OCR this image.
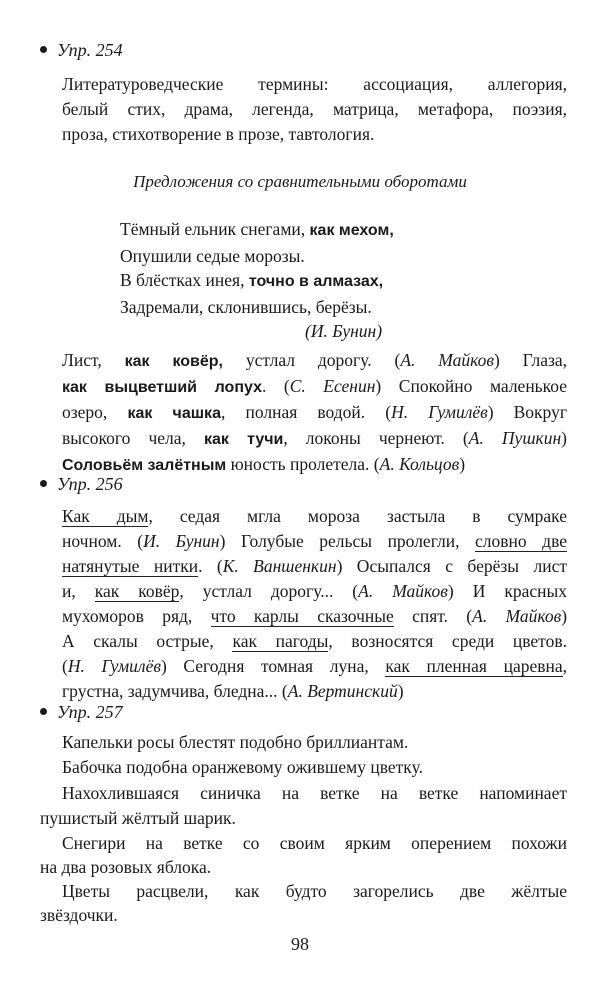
Упр. 254
Литературоведческие термины: ассоциация, аллегория,
белый стих, драма, легенда, матрица, метафора, поэзия,
проза, стихотворение в прозе, тавтология.
Предложения со сравнительными оборотами
Тёмный ельник снегами, как мехом,
Опушили седые морозы.
В блёстках инея, точно в алмазах,
Задремали, склонившись, берёзы.
(И. Бунин)
Лист, как ковёр, устлал дорогу. (А. Майков) Глаза,
как выцветший лопух. (С. Есенин) Спокойно маленькое
озеро, как чашка, полная водой. (Н. Гумилёв) Вокруг
высокого чела, как тучи, локоны чернеют. (А. Пушкин)
Соловьём залётным юность пролетела. (А. Кольцов)
Упр. 256
Как дым, седая мгла мороза застыла в сумраке
ночном. (И. Бунин) Голубые рельсы пролегли, словно две
натянутые нитки. (К. Ваншенкин) Осыпался с берёзы лист
и, как ковёр, устлал дорогу... (А. Майков) И красных
мухоморов ряд, что карлы сказочные спят. (А. Майков)
А скалы острые, как пагоды, возносятся среди цветов.
(Н. Гумилёв) Сегодня томная луна, как пленная царевна,
грустна, задумчива, бледна... (А. Вертинский)
Упр. 257
Капельки росы блестят подобно бриллиантам.
Бабочка подобна оранжевому ожившему цветку.
Нахохлившаяся синичка на ветке на ветке напоминает
пушистый жёлтый шарик.
Снегири на ветке со своим ярким оперением похожи
на два розовых яблока.
Цветы расцвели, как будто загорелись две жёлтые
звёздочки.
98
